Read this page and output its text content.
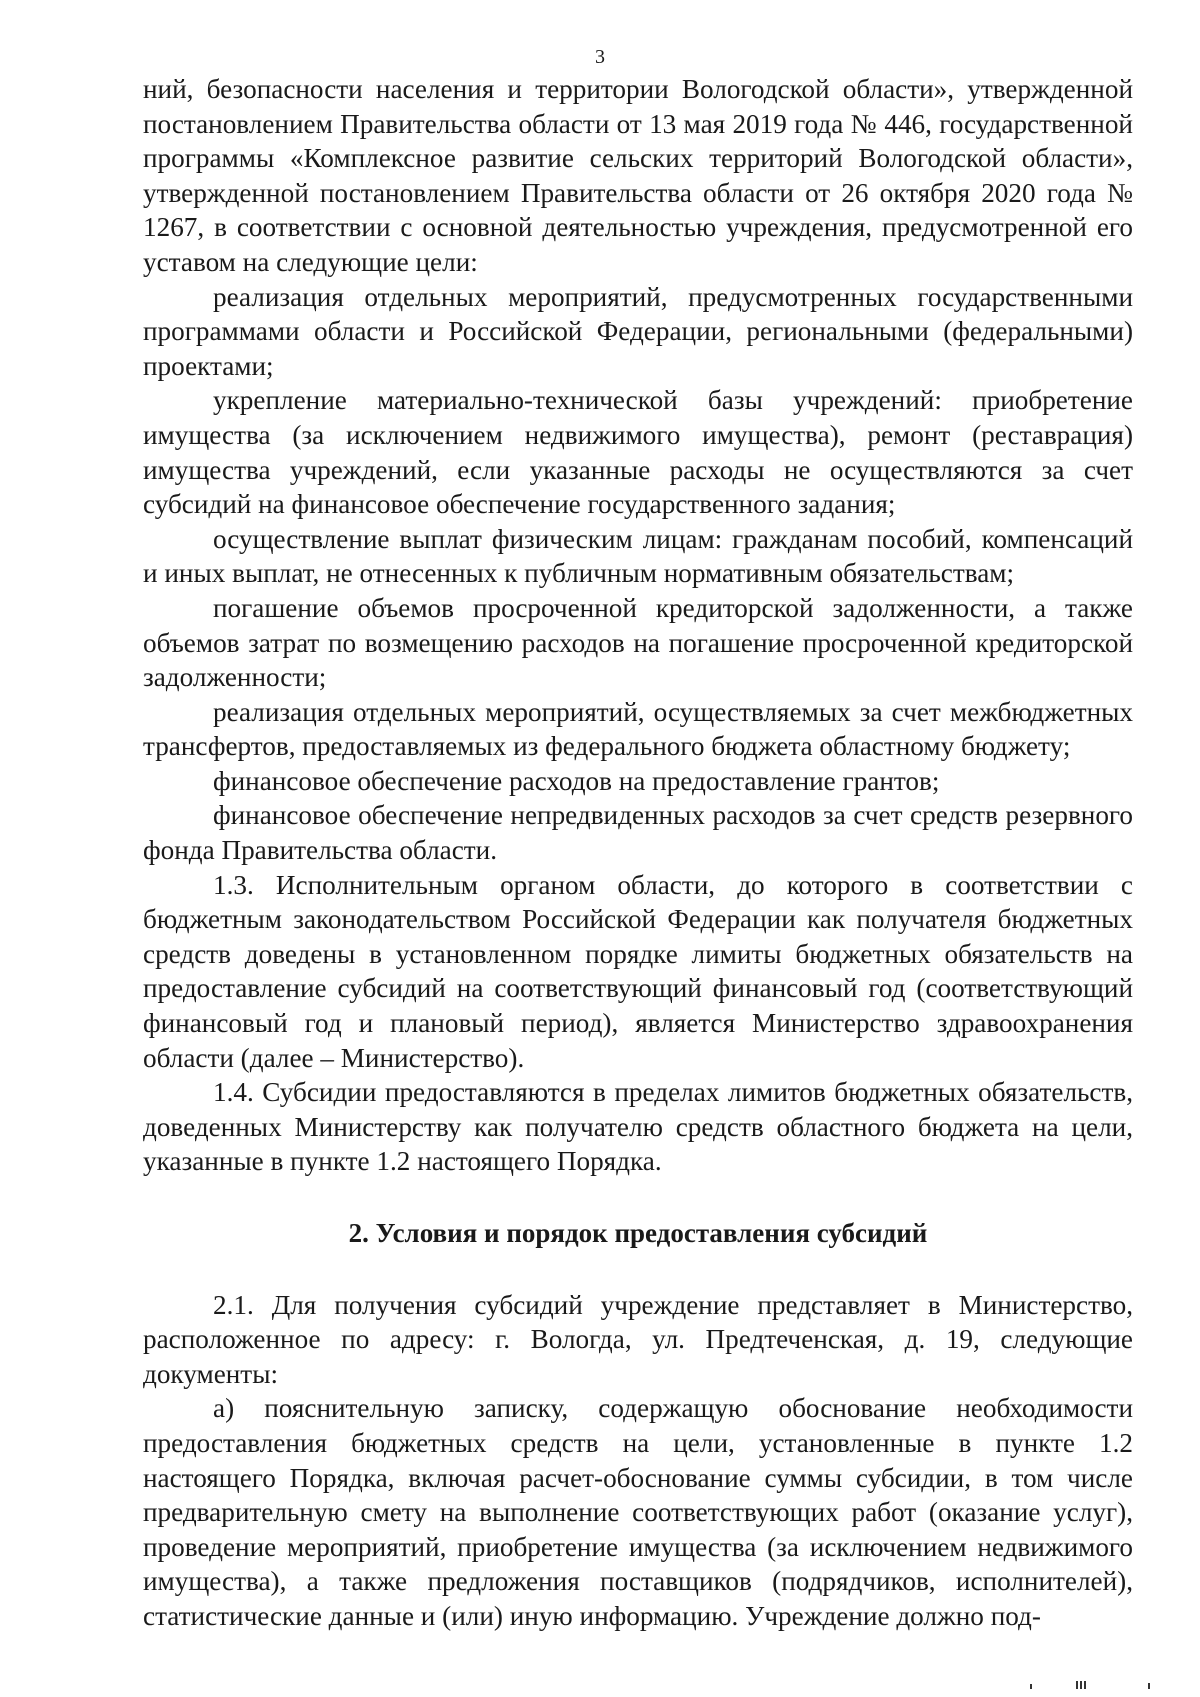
3

ний, безопасности населения и территории Вологодской области», утвержденной постановлением Правительства области от 13 мая 2019 года № 446, государственной программы «Комплексное развитие сельских территорий Вологодской области», утвержденной постановлением Правительства области от 26 октября 2020 года № 1267, в соответствии с основной деятельностью учреждения, предусмотренной его уставом на следующие цели:

реализация отдельных мероприятий, предусмотренных государственными программами области и Российской Федерации, региональными (федеральными) проектами;

укрепление материально-технической базы учреждений: приобретение имущества (за исключением недвижимого имущества), ремонт (реставрация) имущества учреждений, если указанные расходы не осуществляются за счет субсидий на финансовое обеспечение государственного задания;

осуществление выплат физическим лицам: гражданам пособий, компенсаций и иных выплат, не отнесенных к публичным нормативным обязательствам;

погашение объемов просроченной кредиторской задолженности, а также объемов затрат по возмещению расходов на погашение просроченной кредиторской задолженности;

реализация отдельных мероприятий, осуществляемых за счет межбюджетных трансфертов, предоставляемых из федерального бюджета областному бюджету;

финансовое обеспечение расходов на предоставление грантов;

финансовое обеспечение непредвиденных расходов за счет средств резервного фонда Правительства области.

1.3. Исполнительным органом области, до которого в соответствии с бюджетным законодательством Российской Федерации как получателя бюджетных средств доведены в установленном порядке лимиты бюджетных обязательств на предоставление субсидий на соответствующий финансовый год (соответствующий финансовый год и плановый период), является Министерство здравоохранения области (далее – Министерство).

1.4. Субсидии предоставляются в пределах лимитов бюджетных обязательств, доведенных Министерству как получателю средств областного бюджета на цели, указанные в пункте 1.2 настоящего Порядка.

2. Условия и порядок предоставления субсидий

2.1. Для получения субсидий учреждение представляет в Министерство, расположенное по адресу: г. Вологда, ул. Предтеченская, д. 19, следующие документы:

а) пояснительную записку, содержащую обоснование необходимости предоставления бюджетных средств на цели, установленные в пункте 1.2 настоящего Порядка, включая расчет-обоснование суммы субсидии, в том числе предварительную смету на выполнение соответствующих работ (оказание услуг), проведение мероприятий, приобретение имущества (за исключением недвижимого имущества), а также предложения поставщиков (подрядчиков, исполнителей), статистические данные и (или) иную информацию. Учреждение должно под-
